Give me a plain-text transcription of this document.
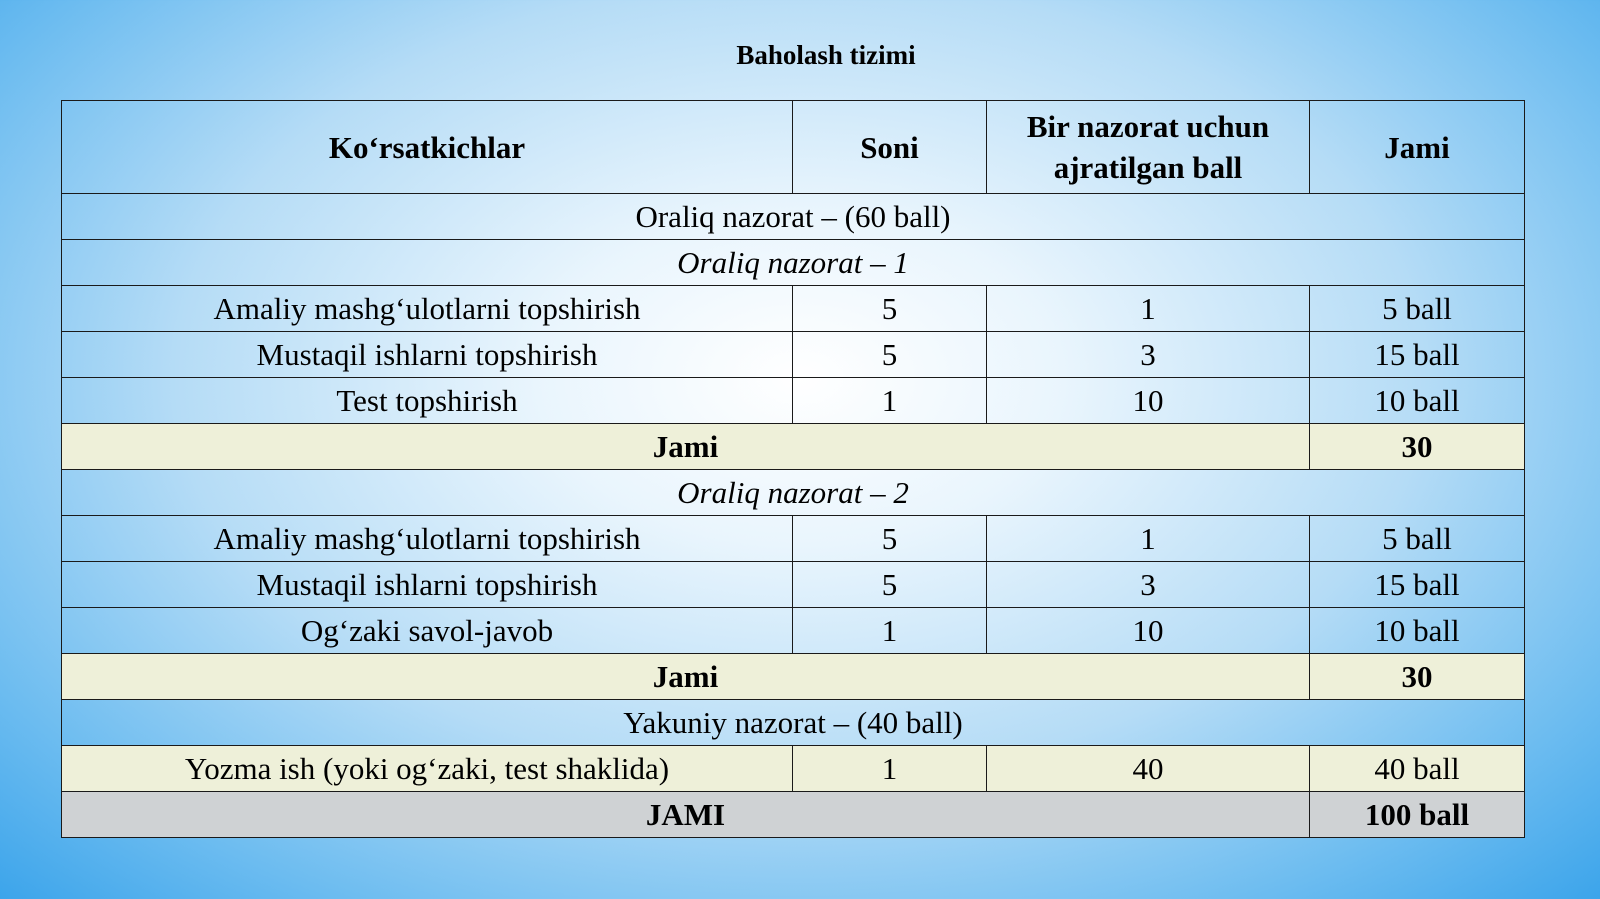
Baholash tizimi
Ko‘rsatkichlar	Soni	Bir nazorat uchun ajratilgan ball	Jami
Oraliq nazorat – (60 ball)			
Oraliq nazorat – 1			
Amaliy mashg‘ulotlarni topshirish	5	1	5 ball
Mustaqil ishlarni topshirish	5	3	15 ball
Test topshirish	1	10	10 ball
Jami			30
Oraliq nazorat – 2			
Amaliy mashg‘ulotlarni topshirish	5	1	5 ball
Mustaqil ishlarni topshirish	5	3	15 ball
Og‘zaki savol-javob	1	10	10 ball
Jami			30
Yakuniy nazorat – (40 ball)			
Yozma ish (yoki og‘zaki, test shaklida)	1	40	40 ball
JAMI			100 ball
